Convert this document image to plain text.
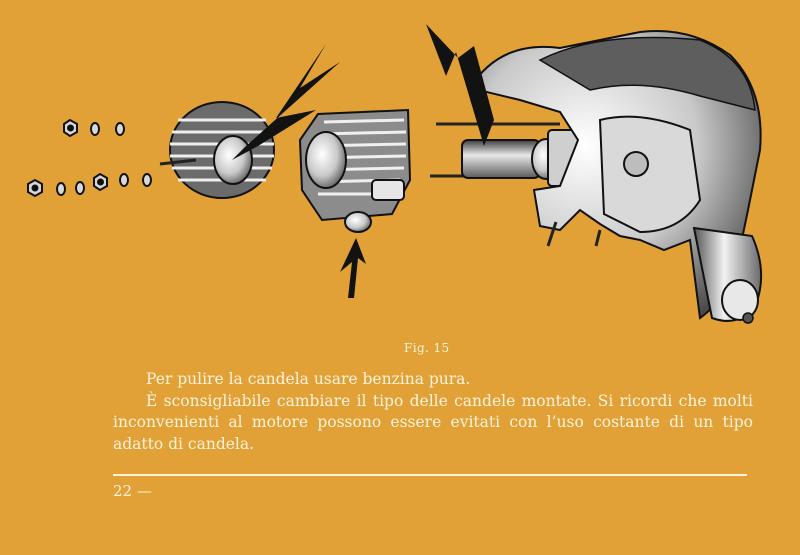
Fig. 15

Per pulire la candela usare benzina pura.

È sconsigliabile cambiare il tipo delle candele montate. Si ricordi che molti inconvenienti al motore possono essere evitati con l’uso costante di un tipo adatto di candela.

22 —
